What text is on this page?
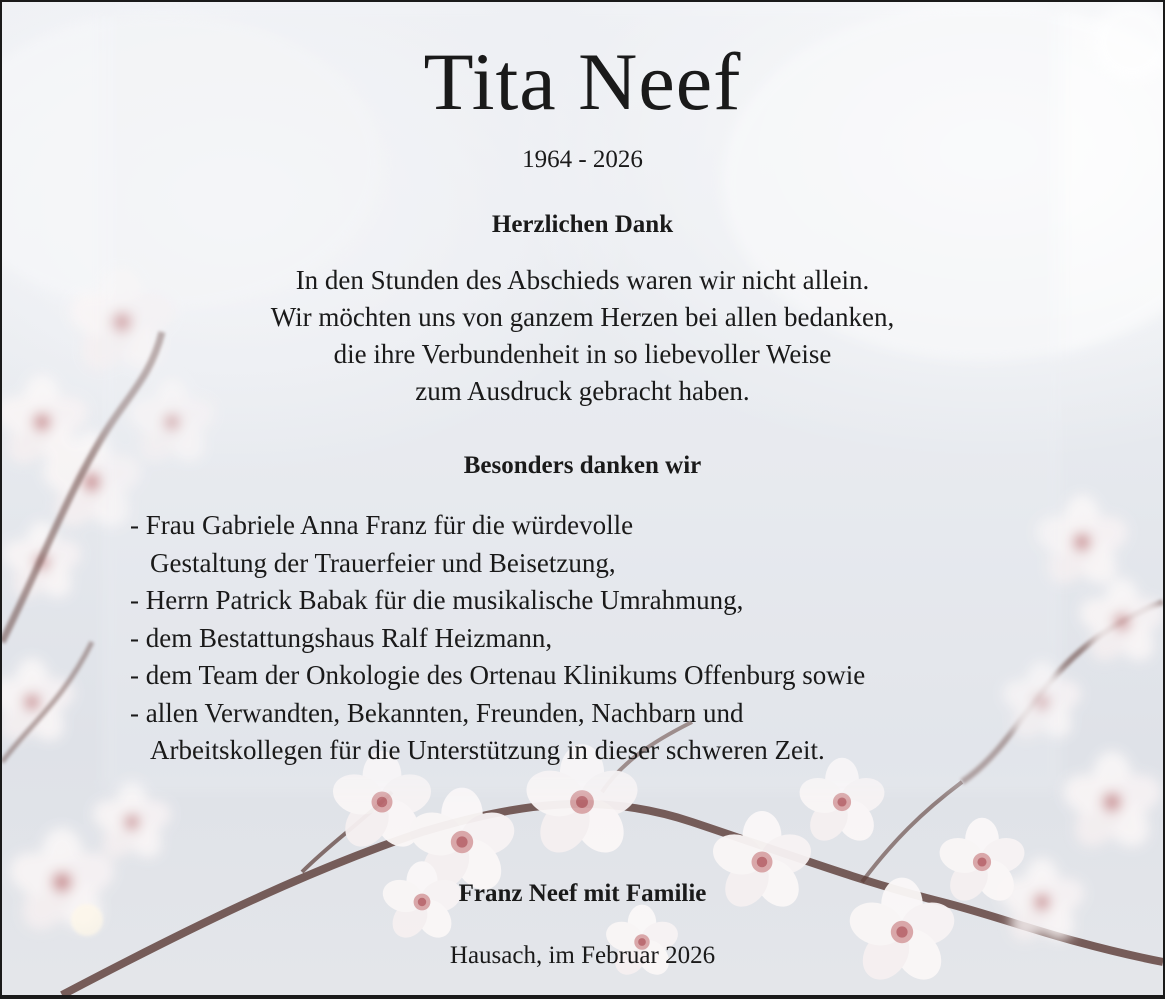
Tita Neef
1964 - 2026
Herzlichen Dank
In den Stunden des Abschieds waren wir nicht allein.
Wir möchten uns von ganzem Herzen bei allen bedanken,
die ihre Verbundenheit in so liebevoller Weise
zum Ausdruck gebracht haben.
Besonders danken wir
- Frau Gabriele Anna Franz für die würdevolle
Gestaltung der Trauerfeier und Beisetzung,
- Herrn Patrick Babak für die musikalische Umrahmung,
- dem Bestattungshaus Ralf Heizmann,
- dem Team der Onkologie des Ortenau Klinikums Offenburg sowie
- allen Verwandten, Bekannten, Freunden, Nachbarn und
Arbeitskollegen für die Unterstützung in dieser schweren Zeit.
Franz Neef mit Familie
Hausach, im Februar 2026
